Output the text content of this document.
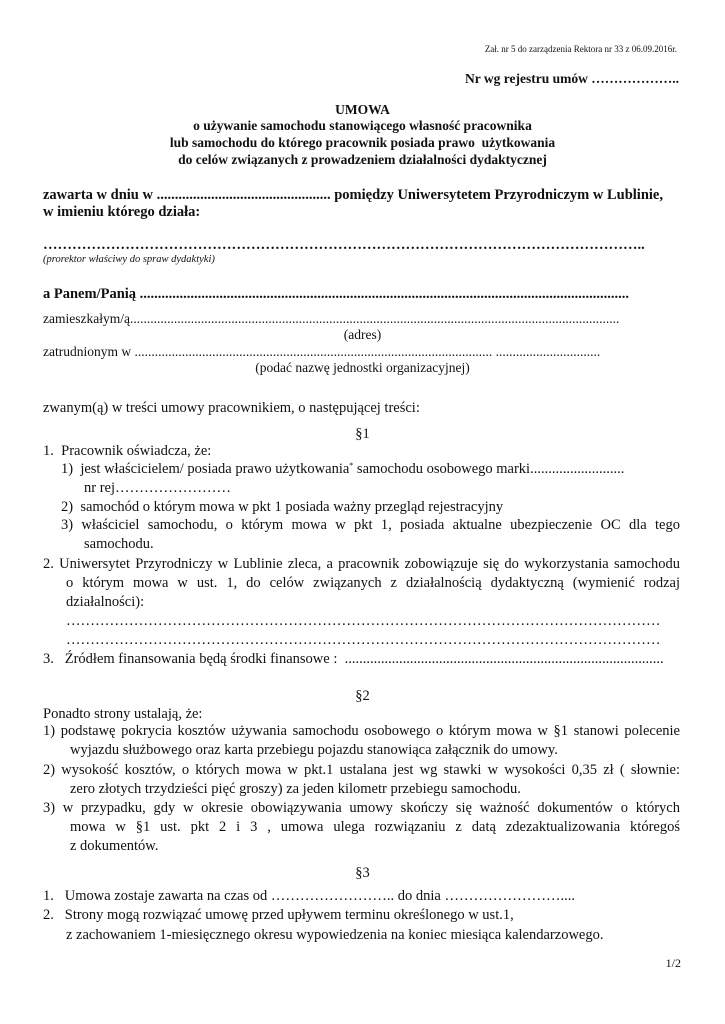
Zał. nr 5 do zarządzenia Rektora nr 33 z 06.09.2016r.
Nr wg rejestru umów ………………..
UMOWA
o używanie samochodu stanowiącego własność pracownika
lub samochodu do którego pracownik posiada prawo  użytkowania
do celów związanych z prowadzeniem działalności dydaktycznej
zawarta w dniu w ................................................ pomiędzy Uniwersytetem Przyrodniczym w Lublinie,
w imieniu którego działa:
……………………………………………………………………………………………………………..
(prorektor właściwy do spraw dydaktyki)
a Panem/Panią .......................................................................................................................................
zamieszkałym/ą.................................................................................................................................................
(adres)
zatrudnionym w .......................................................................................................... ...............................
(podać nazwę jednostki organizacyjnej)
zwanym(ą) w treści umowy pracownikiem, o następującej treści:
§1
1.  Pracownik oświadcza, że:
1)  jest właścicielem/ posiada prawo użytkowania* samochodu osobowego marki..........................
nr rej……………………
2)  samochód o którym mowa w pkt 1 posiada ważny przegląd rejestracyjny
3) właściciel samochodu, o którym mowa w pkt 1, posiada aktualne ubezpieczenie OC dla tego
samochodu.
2. Uniwersytet Przyrodniczy w Lublinie zleca, a pracownik zobowiązuje się do wykorzystania samochodu
o którym mowa w ust. 1, do celów związanych z działalnością dydaktyczną (wymienić rodzaj
działalności):
……………………………………………………………………………………………………………
……………………………………………………………………………………………………………
3.   Źródłem finansowania będą środki finansowe :  ........................................................................................
§2
Ponadto strony ustalają, że:
1) podstawę pokrycia kosztów używania samochodu osobowego o którym mowa w §1 stanowi polecenie
wyjazdu służbowego oraz karta przebiegu pojazdu stanowiąca załącznik do umowy.
2) wysokość kosztów, o których mowa w pkt.1 ustalana jest wg stawki w wysokości 0,35 zł ( słownie:
zero złotych trzydzieści pięć groszy) za jeden kilometr przebiegu samochodu.
3) w przypadku, gdy w okresie obowiązywania umowy skończy się ważność dokumentów o których
mowa w §1 ust. pkt 2 i 3 , umowa ulega rozwiązaniu z datą zdezaktualizowania któregoś
z dokumentów.
§3
1.   Umowa zostaje zawarta na czas od …………………….. do dnia ……………………....
2.   Strony mogą rozwiązać umowę przed upływem terminu określonego w ust.1,
z zachowaniem 1-miesięcznego okresu wypowiedzenia na koniec miesiąca kalendarzowego.
1/2
